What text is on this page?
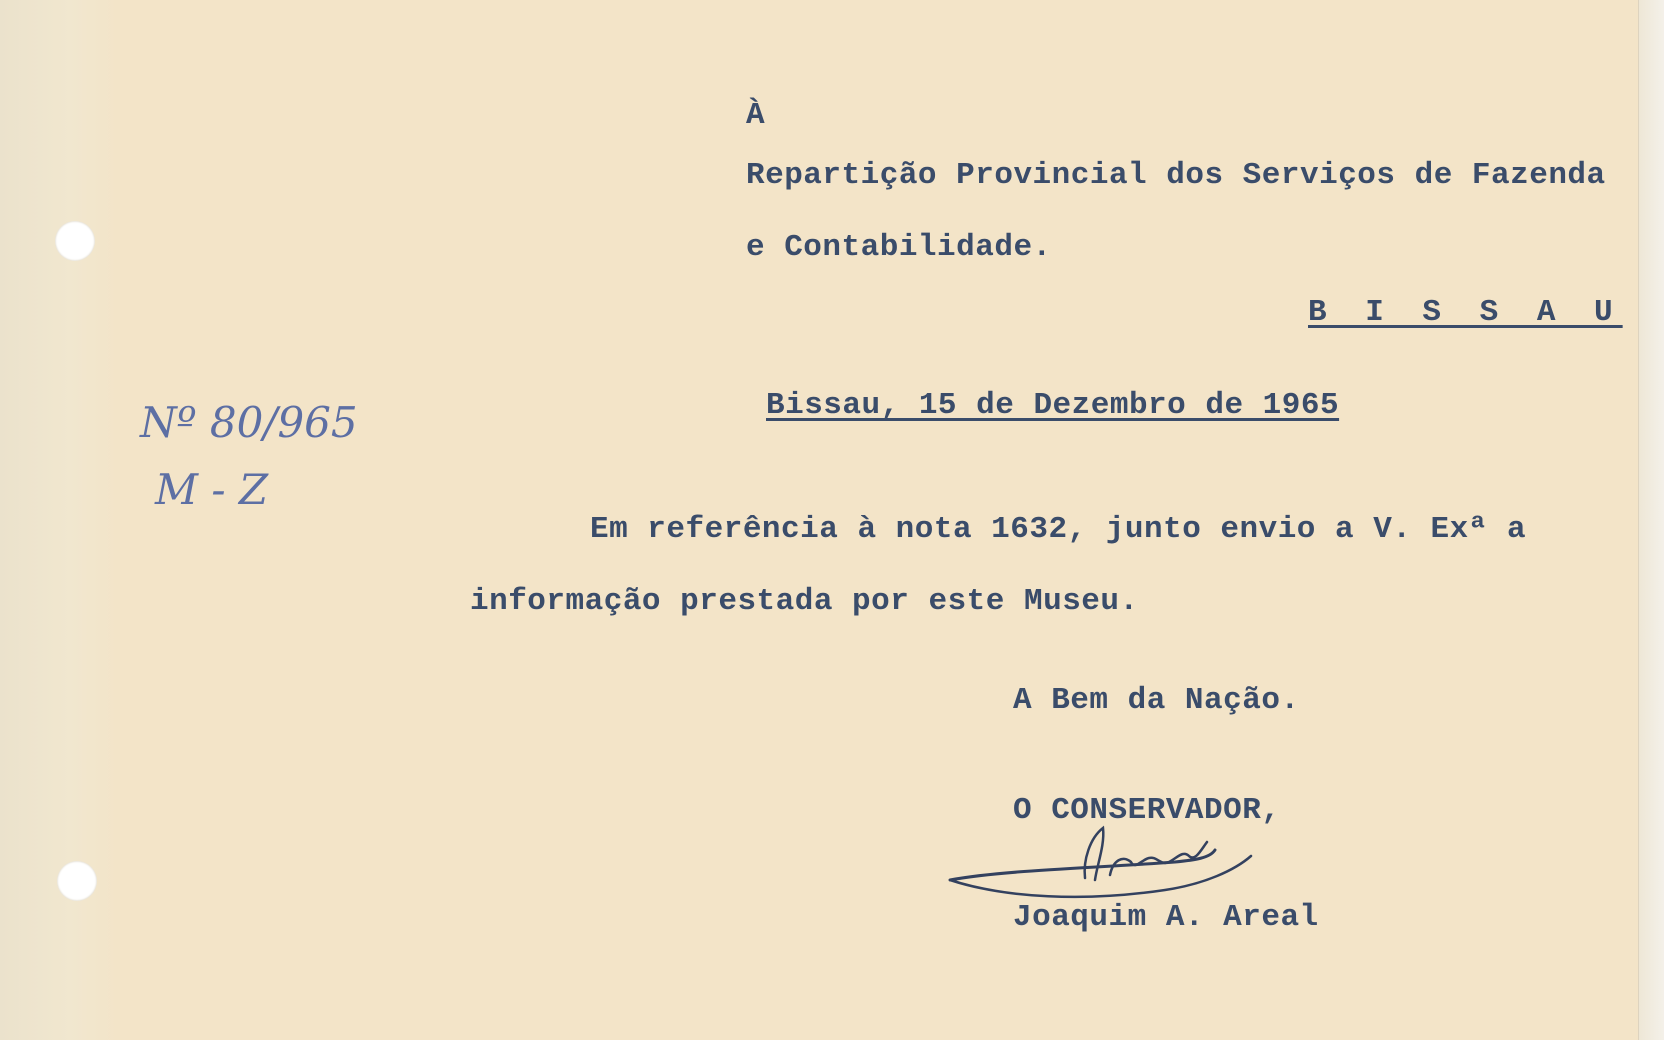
À
Repartição Provincial dos Serviços de Fazenda
e Contabilidade.
B I S S A U
Bissau, 15 de Dezembro de 1965
Em referência à nota 1632, junto envio a V. Exª a
informação prestada por este Museu.
A Bem da Nação.
O CONSERVADOR,
Joaquim A. Areal
Nº 80/965
M - Z
